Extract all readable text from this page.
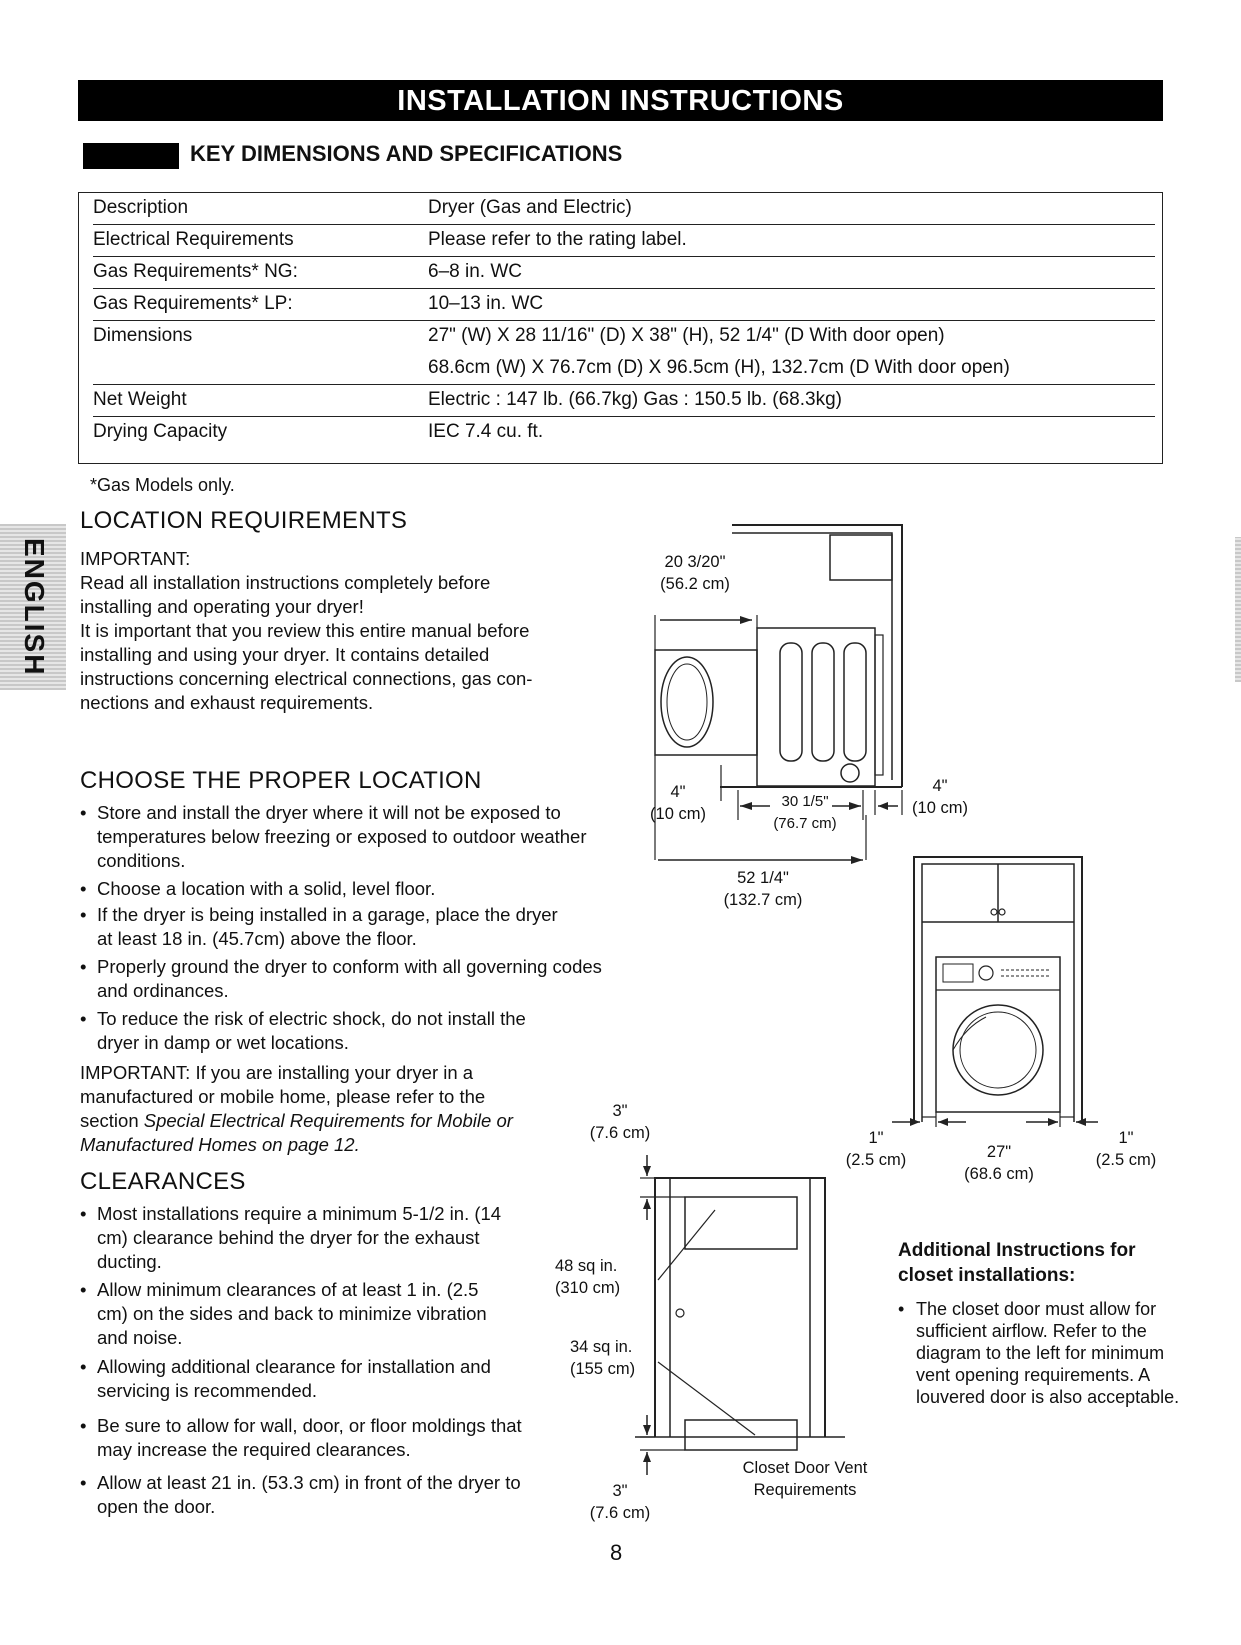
INSTALLATION INSTRUCTIONS
KEY DIMENSIONS AND SPECIFICATIONS
Description	Dryer (Gas and Electric)
Electrical Requirements	Please refer to the rating label.
Gas Requirements* NG:	6–8 in. WC
Gas Requirements* LP:	10–13 in. WC
Dimensions	27" (W) X 28 11/16" (D) X 38" (H), 52 1/4" (D With door open)
68.6cm (W) X 76.7cm (D) X 96.5cm (H), 132.7cm (D With door open)
Net Weight	Electric : 147 lb. (66.7kg) Gas : 150.5 lb. (68.3kg)
Drying Capacity	IEC 7.4 cu. ft.
*Gas Models only.
ENGLISH
LOCATION REQUIREMENTS
IMPORTANT:
Read all installation instructions completely before
installing and operating your dryer!
It is important that you review this entire manual before
installing and using your dryer. It contains detailed
instructions concerning electrical connections, gas con-
nections and exhaust requirements.
CHOOSE THE PROPER LOCATION
• Store and install the dryer where it will not be exposed to temperatures below freezing or exposed to outdoor weather conditions.
• Choose a location with a solid, level floor.
• If the dryer is being installed in a garage, place the dryer at least 18 in. (45.7cm) above the floor.
• Properly ground the dryer to conform with all governing codes and ordinances.
• To reduce the risk of electric shock, do not install the dryer in damp or wet locations.
IMPORTANT: If you are installing your dryer in a
manufactured or mobile home, please refer to the
section Special Electrical Requirements for Mobile or
Manufactured Homes on page 12.
CLEARANCES
• Most installations require a minimum 5-1/2 in. (14 cm) clearance behind the dryer for the exhaust ducting.
• Allow minimum clearances of at least 1 in. (2.5 cm) on the sides and back to minimize vibration and noise.
• Allowing additional clearance for installation and servicing is recommended.
• Be sure to allow for wall, door, or floor moldings that may increase the required clearances.
• Allow at least 21 in. (53.3 cm) in front of the dryer to open the door.
20 3/20"
(56.2 cm)
4"
(10 cm)
30 1/5"
(76.7 cm)
4"
(10 cm)
52 1/4"
(132.7 cm)
1"
(2.5 cm)	27"
(68.6 cm)
1"
(2.5 cm)
3"
(7.6 cm)
48 sq in.
(310 cm)
34 sq in.
(155 cm)
3"
(7.6 cm)
Closet Door Vent
Requirements
Additional Instructions for
closet installations:
• The closet door must allow for sufficient airflow. Refer to the diagram to the left for minimum vent opening requirements. A louvered door is also acceptable.
8
